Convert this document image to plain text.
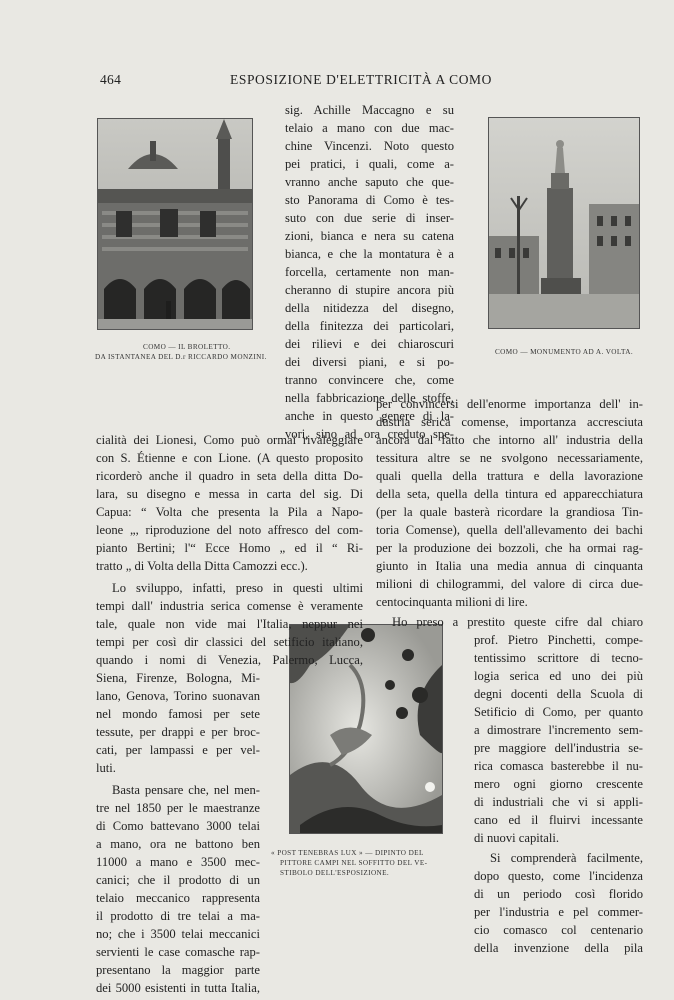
464	ESPOSIZIONE D'ELETTRICITÀ A COMO
COMO — IL BROLETTO.
DA ISTANTANEA DEL D.r RICCARDO MONZINI.
COMO — MONUMENTO AD A. VOLTA.
« POST TENEBRAS LUX » — DIPINTO DEL
PITTORE CAMPI NEL SOFFITTO DEL VE-
STIBOLO DELL'ESPOSIZIONE.
sig. Achille Maccagno e su
telaio a mano con due mac-
chine Vincenzi. Noto questo
pei pratici, i quali, come a-
vranno anche saputo che que-
sto Panorama di Como è tes-
suto con due serie di inser-
zioni, bianca e nera su catena
bianca, e che la montatura è a
forcella, certamente non man-
cheranno di stupire ancora più
della nitidezza del disegno,
della finitezza dei particolari,
dei rilievi e dei chiaroscuri
dei diversi piani, e si po-
tranno convincere che, come
nella fabbricazione delle stoffe,
anche in questo genere di la-
vori, sino ad ora creduto spe-
cialità dei Lionesi, Como può ormai rivaleggiare
con S. Étienne e con Lione. (A questo proposito
ricorderò anche il quadro in seta della ditta Do-
lara, su disegno e messa in carta del sig. Di
Capua: “ Volta che presenta la Pila a Napo-
leone „, riproduzione del noto affresco del com-
pianto Bertini; l'“ Ecce Homo „ ed il “ Ri-
tratto „ di Volta della Ditta Camozzi ecc.).
Lo sviluppo, infatti, preso in questi ultimi
tempi dall' industria serica comense è veramente
tale, quale non vide mai l'Italia, neppur nei
tempi per così dir classici del setificio italiano,
quando i nomi di Venezia, Palermo, Lucca,
Siena, Firenze, Bologna, Mi-
lano, Genova, Torino suonavan
nel mondo famosi per sete
tessute, per drappi e per broc-
cati, per lampassi e per vel-
luti.
Basta pensare che, nel men-
tre nel 1850 per le maestranze
di Como battevano 3000 telai
a mano, ora ne battono ben
11000 a mano e 3500 mec-
canici; che il prodotto di un
telaio meccanico rappresenta
il prodotto di tre telai a ma-
no; che i 3500 telai meccanici
servienti le case comasche rap-
presentano la maggior parte
dei 5000 esistenti in tutta Italia,
per convincersi dell'enorme importanza dell' in-
dustria serica comense, importanza accresciuta
ancora dal fatto che intorno all' industria della
tessitura altre se ne svolgono necessariamente,
quali quella della trattura e della lavorazione
della seta, quella della tintura ed apparecchiatura
(per la quale basterà ricordare la grandiosa Tin-
toria Comense), quella dell'allevamento dei bachi
per la produzione dei bozzoli, che ha ormai rag-
giunto in Italia una media annua di cinquanta
milioni di chilogrammi, del valore di circa due-
centocinquanta milioni di lire.
Ho preso a prestito queste cifre dal chiaro
prof. Pietro Pinchetti, compe-
tentissimo scrittore di tecno-
logia serica ed uno dei più
degni docenti della Scuola di
Setificio di Como, per quanto
a dimostrare l'incremento sem-
pre maggiore dell'industria se-
rica comasca basterebbe il nu-
mero ogni giorno crescente
di industriali che vi si appli-
cano ed il fluirvi incessante
di nuovi capitali.
Si comprenderà facilmente,
dopo questo, come l'incidenza
di un periodo così florido
per l'industria e pel commer-
cio comasco col centenario
della invenzione della pila
